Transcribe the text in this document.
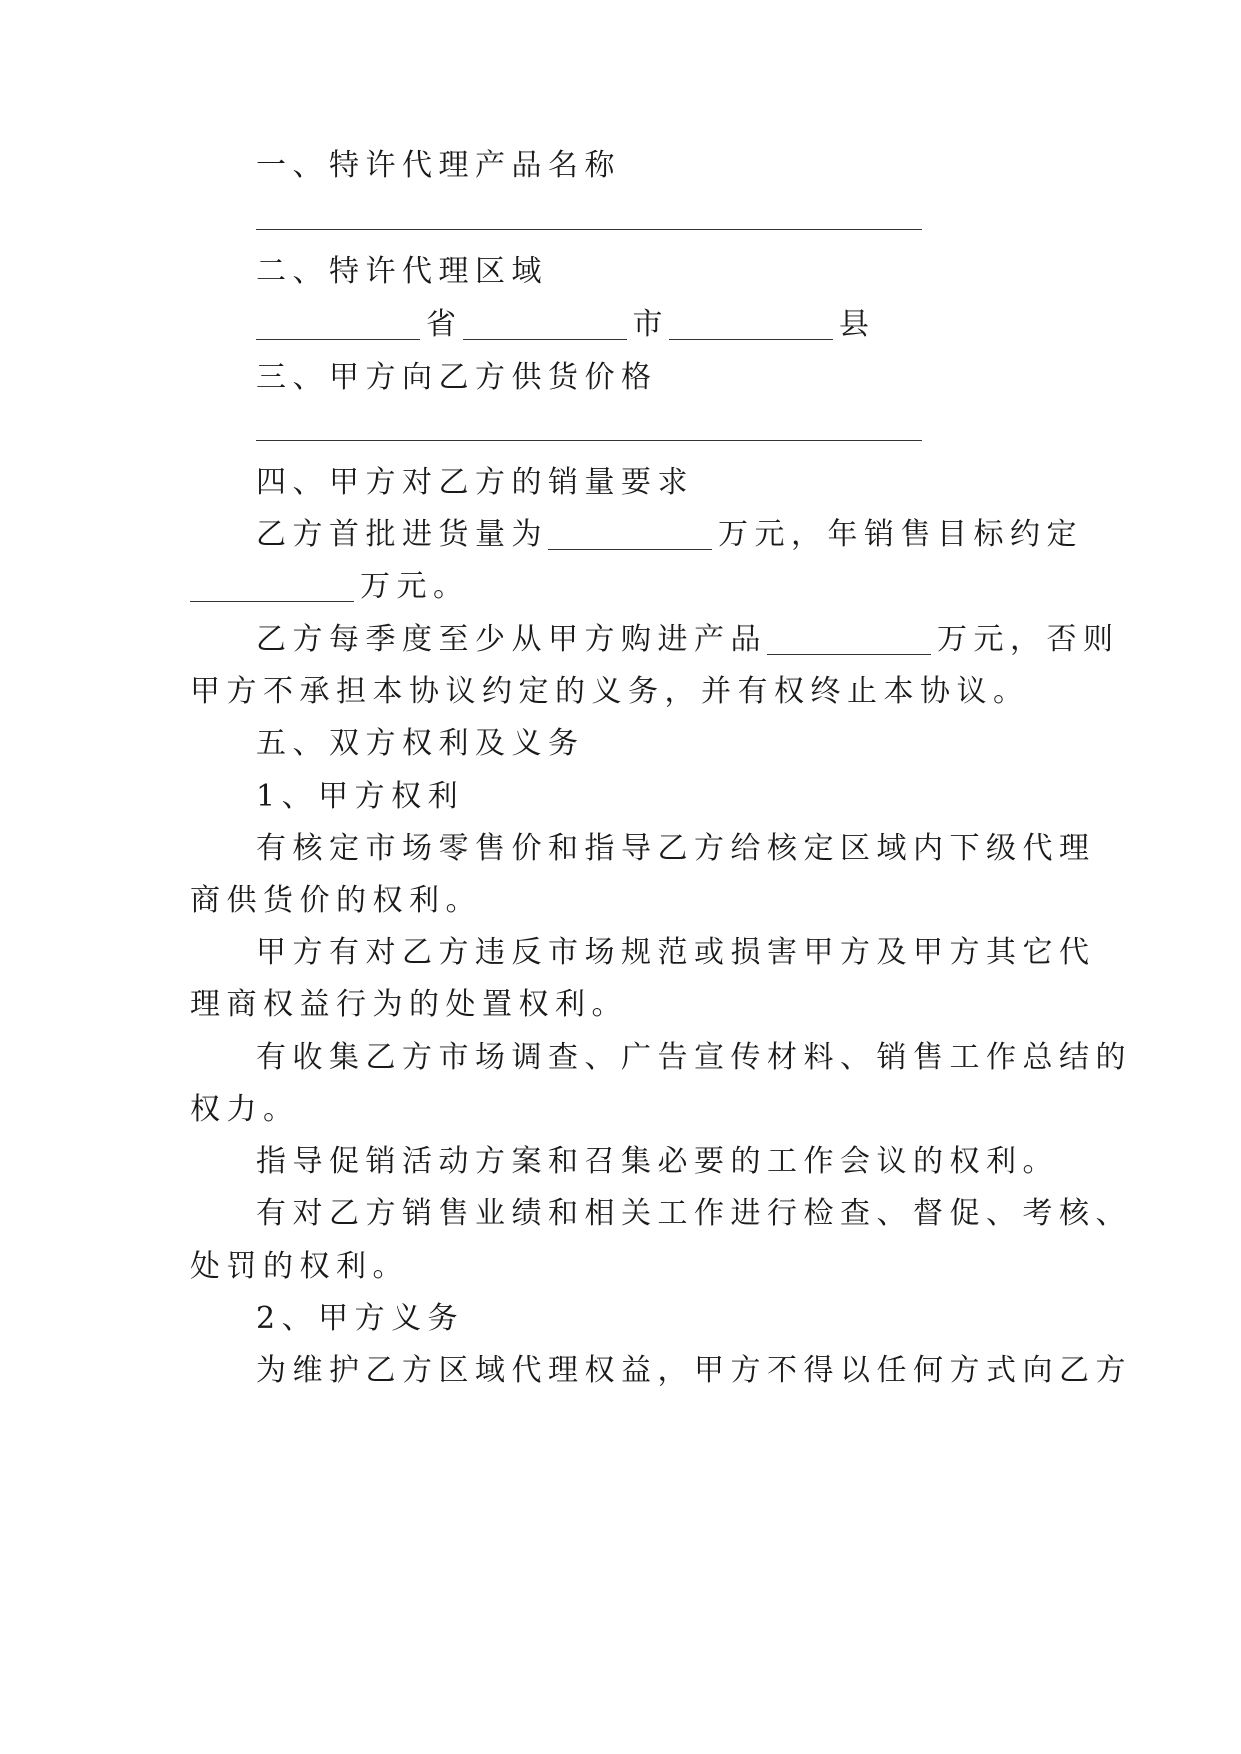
一、特许代理产品名称
二、特许代理区域
省	市	县
三、甲方向乙方供货价格
四、甲方对乙方的销量要求
乙方首批进货量为	万元，年销售目标约定
万元。
乙方每季度至少从甲方购进产品	万元，否则
甲方不承担本协议约定的义务，并有权终止本协议。
五、双方权利及义务
1、甲方权利
有核定市场零售价和指导乙方给核定区域内下级代理
商供货价的权利。
甲方有对乙方违反市场规范或损害甲方及甲方其它代
理商权益行为的处置权利。
有收集乙方市场调查、广告宣传材料、销售工作总结的
权力。
指导促销活动方案和召集必要的工作会议的权利。
有对乙方销售业绩和相关工作进行检查、督促、考核、
处罚的权利。
2、甲方义务
为维护乙方区域代理权益，甲方不得以任何方式向乙方
